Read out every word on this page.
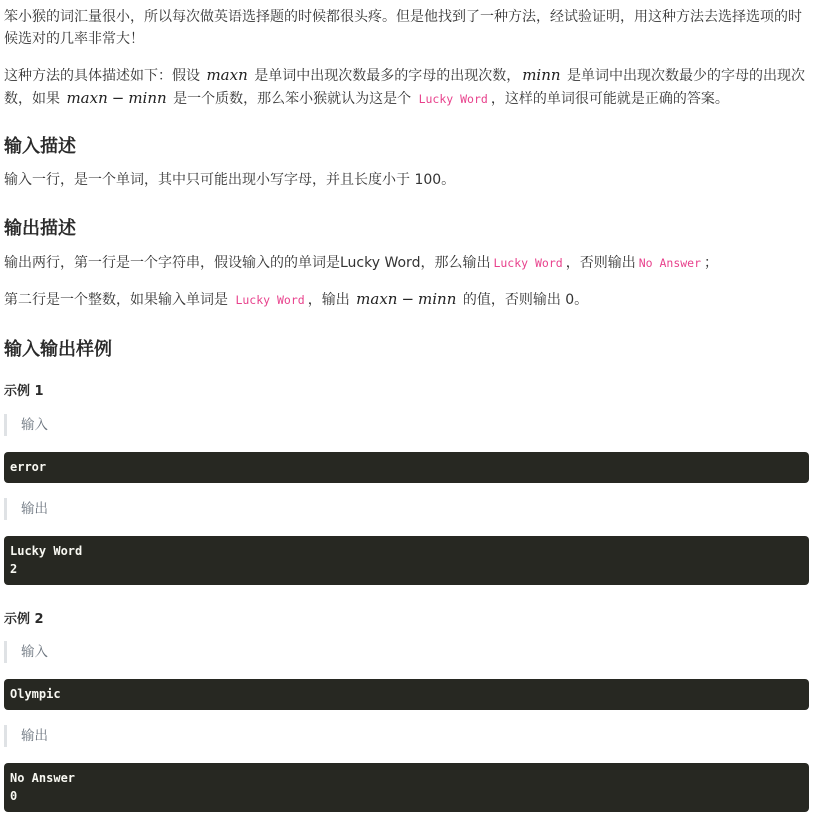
笨小猴的词汇量很小，所以每次做英语选择题的时候都很头疼。但是他找到了一种方法，经试验证明，用这种方法去选择选项的时候选对的几率非常大！

这种方法的具体描述如下：假设 maxn 是单词中出现次数最多的字母的出现次数， minn 是单词中出现次数最少的字母的出现次数，如果 maxn − minn 是一个质数，那么笨小猴就认为这是个 Lucky Word ，这样的单词很可能就是正确的答案。

输入描述

输入一行，是一个单词，其中只可能出现小写字母，并且长度小于 100。

输出描述

输出两行，第一行是一个字符串，假设输入的的单词是Lucky Word，那么输出 Lucky Word ，否则输出 No Answer ；

第二行是一个整数，如果输入单词是 Lucky Word ，输出 maxn − minn 的值，否则输出 0。

输入输出样例
示例 1
输入
error
输出
Lucky Word
2
示例 2
输入
Olympic
输出
No Answer
0
